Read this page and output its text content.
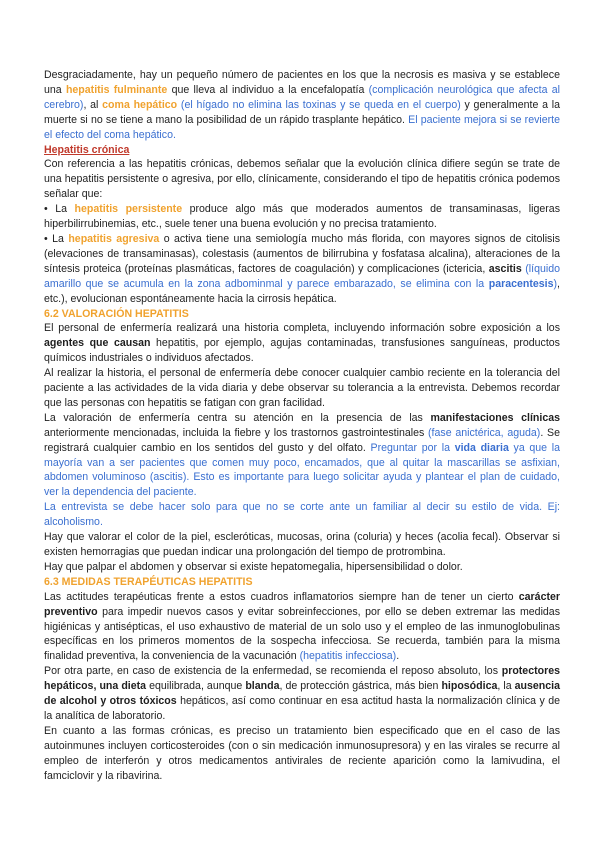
Desgraciadamente, hay un pequeño número de pacientes en los que la necrosis es masiva y se establece una hepatitis fulminante que lleva al individuo a la encefalopatía (complicación neurológica que afecta al cerebro), al coma hepático (el hígado no elimina las toxinas y se queda en el cuerpo) y generalmente a la muerte si no se tiene a mano la posibilidad de un rápido trasplante hepático. El paciente mejora si se revierte el efecto del coma hepático.

Hepatitis crónica

Con referencia a las hepatitis crónicas, debemos señalar que la evolución clínica difiere según se trate de una hepatitis persistente o agresiva, por ello, clínicamente, considerando el tipo de hepatitis crónica podemos señalar que:

• La hepatitis persistente produce algo más que moderados aumentos de transaminasas, ligeras hiperbilirrubinemias, etc., suele tener una buena evolución y no precisa tratamiento.

• La hepatitis agresiva o activa tiene una semiología mucho más florida, con mayores signos de citolisis (elevaciones de transaminasas), colestasis (aumentos de bilirrubina y fosfatasa alcalina), alteraciones de la síntesis proteica (proteínas plasmáticas, factores de coagulación) y complicaciones (ictericia, ascitis (líquido amarillo que se acumula en la zona adbominmal y parece embarazado, se elimina con la paracentesis), etc.), evolucionan espontáneamente hacia la cirrosis hepática.

6.2 VALORACIÓN HEPATITIS

El personal de enfermería realizará una historia completa, incluyendo información sobre exposición a los agentes que causan hepatitis, por ejemplo, agujas contaminadas, transfusiones sanguíneas, productos químicos industriales o individuos afectados.

Al realizar la historia, el personal de enfermería debe conocer cualquier cambio reciente en la tolerancia del paciente a las actividades de la vida diaria y debe observar su tolerancia a la entrevista. Debemos recordar que las personas con hepatitis se fatigan con gran facilidad.

La valoración de enfermería centra su atención en la presencia de las manifestaciones clínicas anteriormente mencionadas, incluida la fiebre y los trastornos gastrointestinales (fase anictérica, aguda). Se registrará cualquier cambio en los sentidos del gusto y del olfato. Preguntar por la vida diaria ya que la mayoría van a ser pacientes que comen muy poco, encamados, que al quitar la mascarillas se asfixian, abdomen voluminoso (ascitis). Esto es importante para luego solicitar ayuda y plantear el plan de cuidado, ver la dependencia del paciente.

La entrevista se debe hacer solo para que no se corte ante un familiar al decir su estilo de vida. Ej: alcoholismo.

Hay que valorar el color de la piel, escleróticas, mucosas, orina (coluria) y heces (acolia fecal). Observar si existen hemorragias que puedan indicar una prolongación del tiempo de protrombina.

Hay que palpar el abdomen y observar si existe hepatomegalia, hipersensibilidad o dolor.

6.3 MEDIDAS TERAPÉUTICAS HEPATITIS

Las actitudes terapéuticas frente a estos cuadros inflamatorios siempre han de tener un cierto carácter preventivo para impedir nuevos casos y evitar sobreinfecciones, por ello se deben extremar las medidas higiénicas y antisépticas, el uso exhaustivo de material de un solo uso y el empleo de las inmunoglobulinas específicas en los primeros momentos de la sospecha infecciosa. Se recuerda, también para la misma finalidad preventiva, la conveniencia de la vacunación (hepatitis infecciosa).

Por otra parte, en caso de existencia de la enfermedad, se recomienda el reposo absoluto, los protectores hepáticos, una dieta equilibrada, aunque blanda, de protección gástrica, más bien hiposódica, la ausencia de alcohol y otros tóxicos hepáticos, así como continuar en esa actitud hasta la normalización clínica y de la analítica de laboratorio.

En cuanto a las formas crónicas, es preciso un tratamiento bien especificado que en el caso de las autoinmunes incluyen corticosteroides (con o sin medicación inmunosupresora) y en las virales se recurre al empleo de interferón y otros medicamentos antivirales de reciente aparición como la lamivudina, el famciclovir y la ribavirina.
